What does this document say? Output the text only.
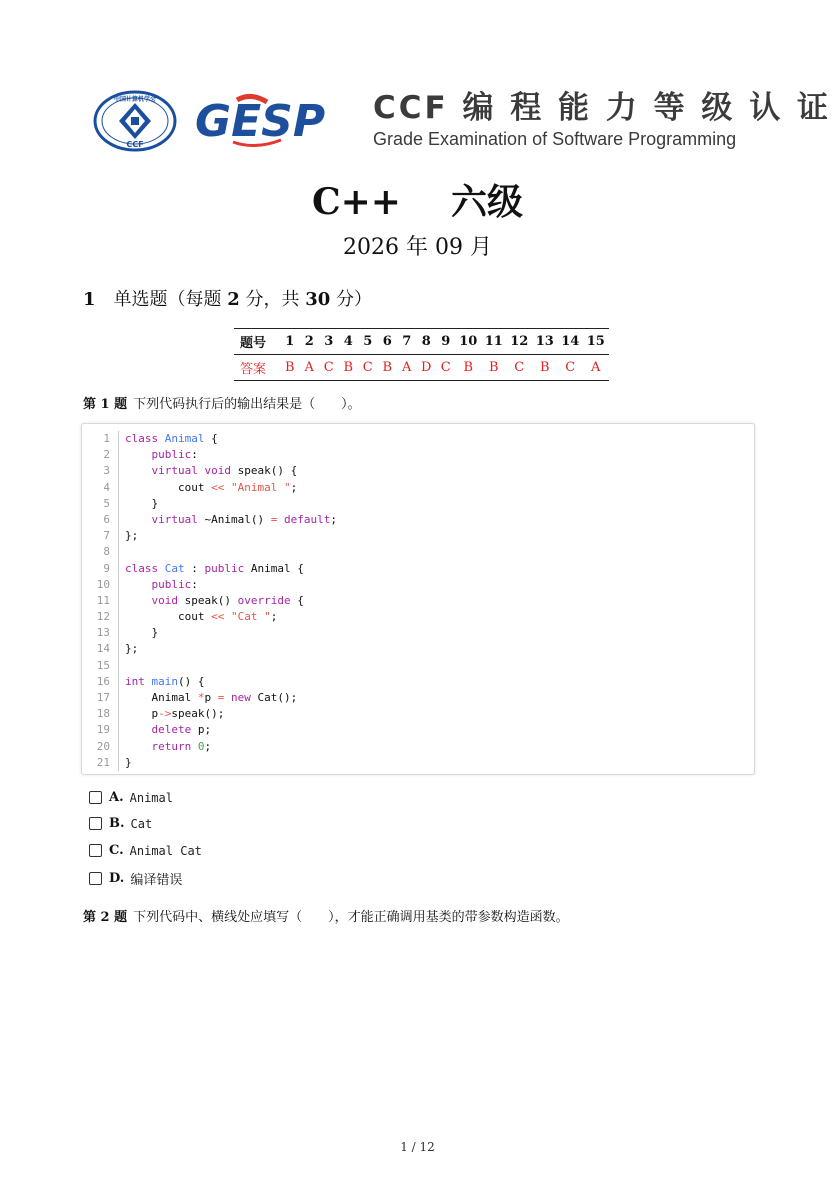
中国计算机学会
CCF GESP CCF 编 程 能 力 等 级 认 证
Grade Examination of Software Programming
C++    六级
2026 年 09 月
1 单选题（每题 2 分，共 30 分）
题号	1	2	3	4	5	6	7	8	9	10	11	12	13	14	15
答案	B	A	C	B	C	B	A	D	C	B	B	C	B	C	A
第 1 题 下列代码执行后的输出结果是（　　）。
1 class Animal {
2	public:
3	virtual void speak() {
4        cout << "Animal ";
5    }
6	virtual ~Animal() = default;
7 };
8
9 class Cat : public Animal {
10	public:
11	void speak() override {
12        cout << "Cat ";
13    }
14 };
15
16 int main() {
17    Animal *p = new Cat();
18    p->speak();
19	delete p;
20	return 0;
21 }
A. Animal
B. Cat
C. Animal Cat
D. 编译错误
第 2 题 下列代码中、横线处应填写（　　），才能正确调用基类的带参数构造函数。
1 / 12
